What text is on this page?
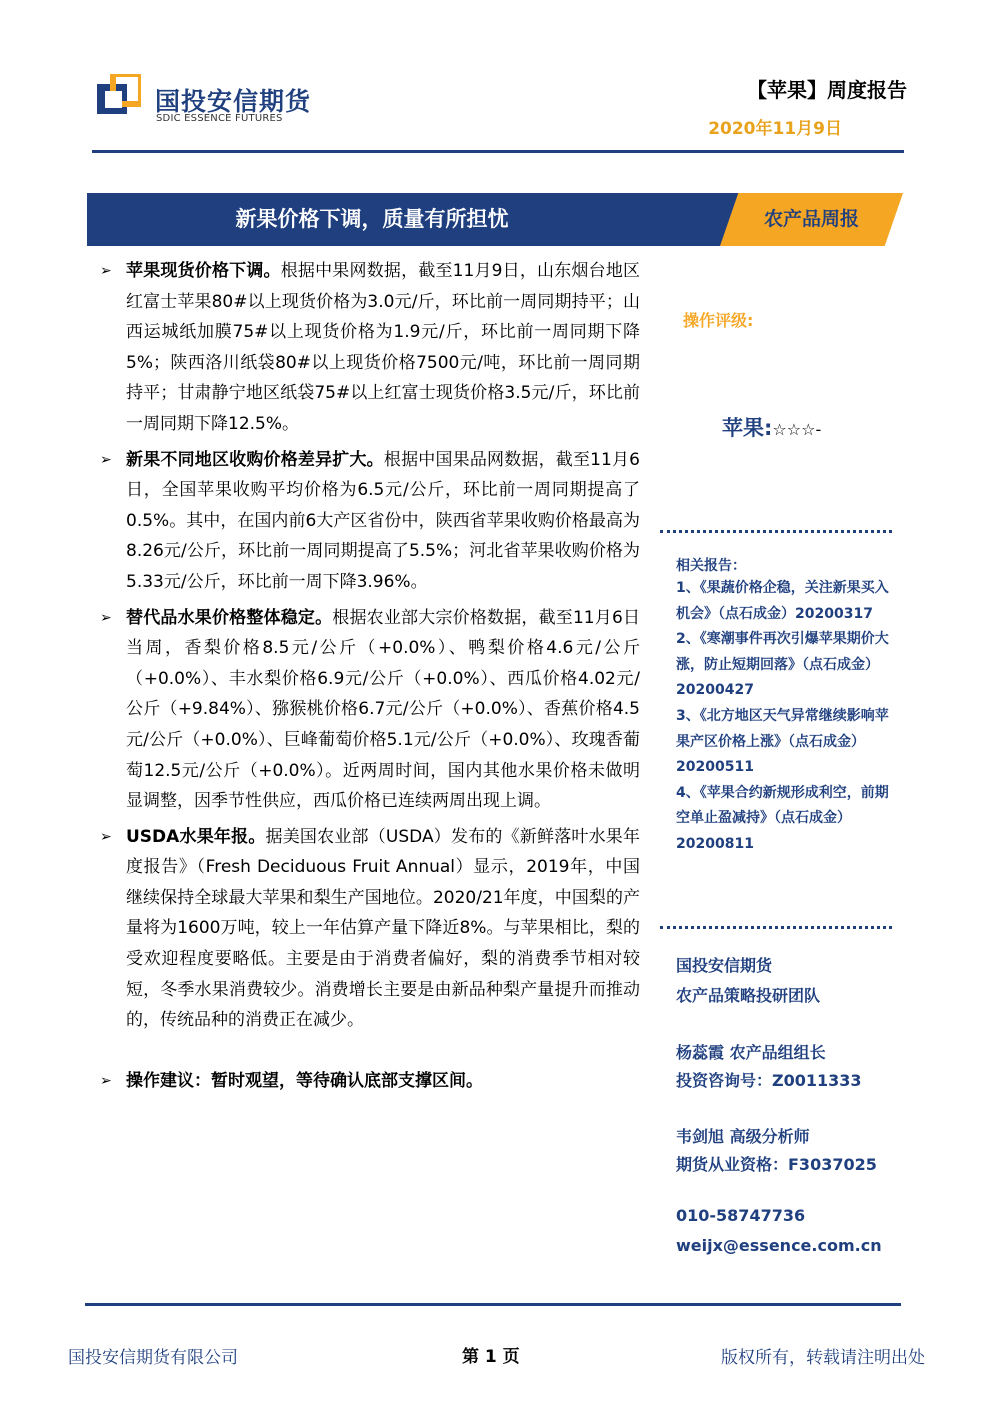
国投安信期货
SDIC ESSENCE FUTURES
【苹果】周度报告
2020年11月9日
新果价格下调，质量有所担忧	农产品周报
➢ 苹果现货价格下调。根据中果网数据，截至11月9日，山东烟台地区红富士苹果80#以上现货价格为3.0元/斤，环比前一周同期持平；山西运城纸加膜75#以上现货价格为1.9元/斤，环比前一周同期下降5%；陕西洛川纸袋80#以上现货价格7500元/吨，环比前一周同期持平；甘肃静宁地区纸袋75#以上红富士现货价格3.5元/斤，环比前一周同期下降12.5%。
➢ 新果不同地区收购价格差异扩大。根据中国果品网数据，截至11月6日，全国苹果收购平均价格为6.5元/公斤，环比前一周同期提高了0.5%。其中，在国内前6大产区省份中，陕西省苹果收购价格最高为8.26元/公斤，环比前一周同期提高了5.5%；河北省苹果收购价格为5.33元/公斤，环比前一周下降3.96%。
➢ 替代品水果价格整体稳定。根据农业部大宗价格数据，截至11月6日当周，香梨价格8.5元/公斤（+0.0%）、鸭梨价格4.6元/公斤（+0.0%）、丰水梨价格6.9元/公斤（+0.0%）、西瓜价格4.02元/公斤（+9.84%）、猕猴桃价格6.7元/公斤（+0.0%）、香蕉价格4.5元/公斤（+0.0%）、巨峰葡萄价格5.1元/公斤（+0.0%）、玫瑰香葡萄12.5元/公斤（+0.0%）。近两周时间，国内其他水果价格未做明显调整，因季节性供应，西瓜价格已连续两周出现上调。
➢ USDA水果年报。据美国农业部（USDA）发布的《新鲜落叶水果年度报告》（Fresh Deciduous Fruit Annual）显示，2019年，中国继续保持全球最大苹果和梨生产国地位。2020/21年度，中国梨的产量将为1600万吨，较上一年估算产量下降近8%。与苹果相比，梨的受欢迎程度要略低。主要是由于消费者偏好，梨的消费季节相对较短，冬季水果消费较少。消费增长主要是由新品种梨产量提升而推动的，传统品种的消费正在减少。
➢ 操作建议：暂时观望，等待确认底部支撑区间。
操作评级:
苹果:☆☆☆-
相关报告：

1、《果蔬价格企稳，关注新果买入机会》（点石成金）20200317

2、《寒潮事件再次引爆苹果期价大涨，防止短期回落》（点石成金）20200427

3、《北方地区天气异常继续影响苹果产区价格上涨》（点石成金）20200511

4、《苹果合约新规形成利空，前期空单止盈减持》（点石成金）20200811

国投安信期货
农产品策略投研团队
杨蕊霞 农产品组组长
投资咨询号：Z0011333
韦剑旭 高级分析师
期货从业资格：F3037025
010-58747736
weijx@essence.com.cn
国投安信期货有限公司	第 1 页	版权所有，转载请注明出处
